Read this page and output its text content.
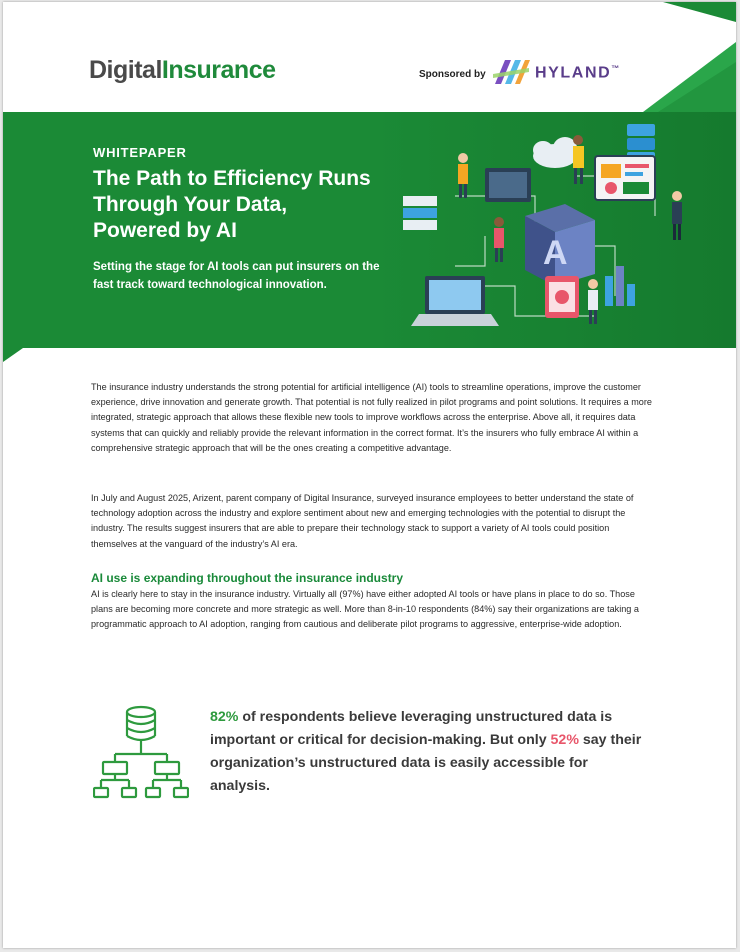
DigitalInsurance	Sponsored by	HYLAND™
WHITEPAPER
The Path to Efficiency Runs Through Your Data, Powered by AI
Setting the stage for AI tools can put insurers on the fast track toward technological innovation.
A
The insurance industry understands the strong potential for artificial intelligence (AI) tools to streamline operations, improve the customer experience, drive innovation and generate growth. That potential is not fully realized in pilot programs and point solutions. It requires a more integrated, strategic approach that allows these flexible new tools to improve workflows across the enterprise. Above all, it requires data systems that can quickly and reliably provide the relevant information in the correct format. It’s the insurers who fully embrace AI within a comprehensive strategic approach that will be the ones creating a competitive advantage.
In July and August 2025, Arizent, parent company of Digital Insurance, surveyed insurance employees to better understand the state of technology adoption across the industry and explore sentiment about new and emerging technologies with the potential to disrupt the industry. The results suggest insurers that are able to prepare their technology stack to support a variety of AI tools could position themselves at the vanguard of the industry’s AI era.
AI use is expanding throughout the insurance industry
AI is clearly here to stay in the insurance industry. Virtually all (97%) have either adopted AI tools or have plans in place to do so. Those plans are becoming more concrete and more strategic as well. More than 8-in-10 respondents (84%) say their organizations are taking a programmatic approach to AI adoption, ranging from cautious and deliberate pilot programs to aggressive, enterprise-wide adoption.
82% of respondents believe leveraging unstructured data is important or critical for decision-making. But only 52% say their organization’s unstructured data is easily accessible for analysis.
